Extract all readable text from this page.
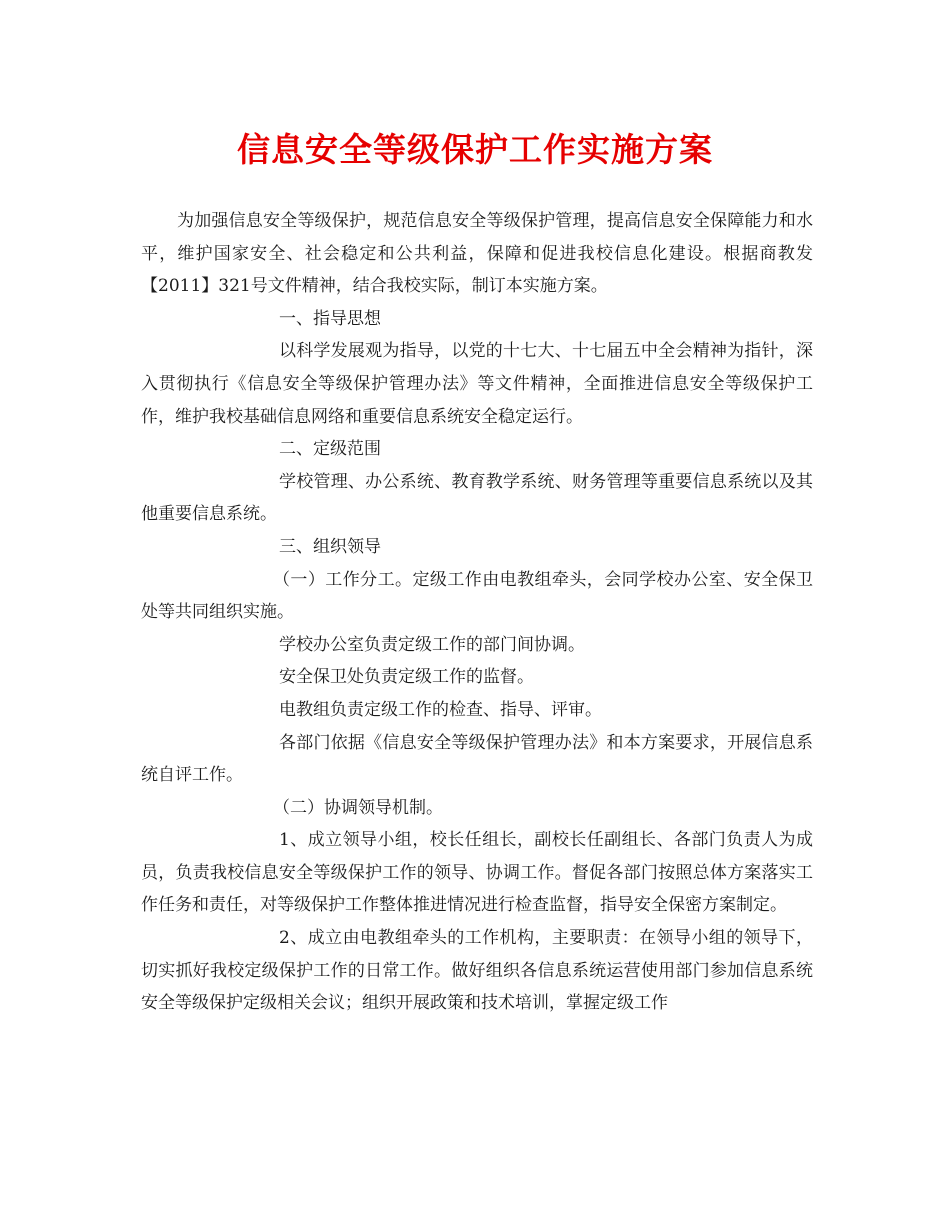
信息安全等级保护工作实施方案

为加强信息安全等级保护，规范信息安全等级保护管理，提高信息安全保障能力和水平，维护国家安全、社会稳定和公共利益，保障和促进我校信息化建设。根据商教发【2011】321号文件精神，结合我校实际，制订本实施方案。

一、指导思想

以科学发展观为指导，以党的十七大、十七届五中全会精神为指针，深入贯彻执行《信息安全等级保护管理办法》等文件精神，全面推进信息安全等级保护工作，维护我校基础信息网络和重要信息系统安全稳定运行。

二、定级范围

学校管理、办公系统、教育教学系统、财务管理等重要信息系统以及其他重要信息系统。

三、组织领导

（一）工作分工。定级工作由电教组牵头，会同学校办公室、安全保卫处等共同组织实施。

学校办公室负责定级工作的部门间协调。

安全保卫处负责定级工作的监督。

电教组负责定级工作的检查、指导、评审。

各部门依据《信息安全等级保护管理办法》和本方案要求，开展信息系统自评工作。

（二）协调领导机制。

1、成立领导小组，校长任组长，副校长任副组长、各部门负责人为成员，负责我校信息安全等级保护工作的领导、协调工作。督促各部门按照总体方案落实工作任务和责任，对等级保护工作整体推进情况进行检查监督，指导安全保密方案制定。

2、成立由电教组牵头的工作机构，主要职责：在领导小组的领导下，切实抓好我校定级保护工作的日常工作。做好组织各信息系统运营使用部门参加信息系统安全等级保护定级相关会议；组织开展政策和技术培训，掌握定级工作
